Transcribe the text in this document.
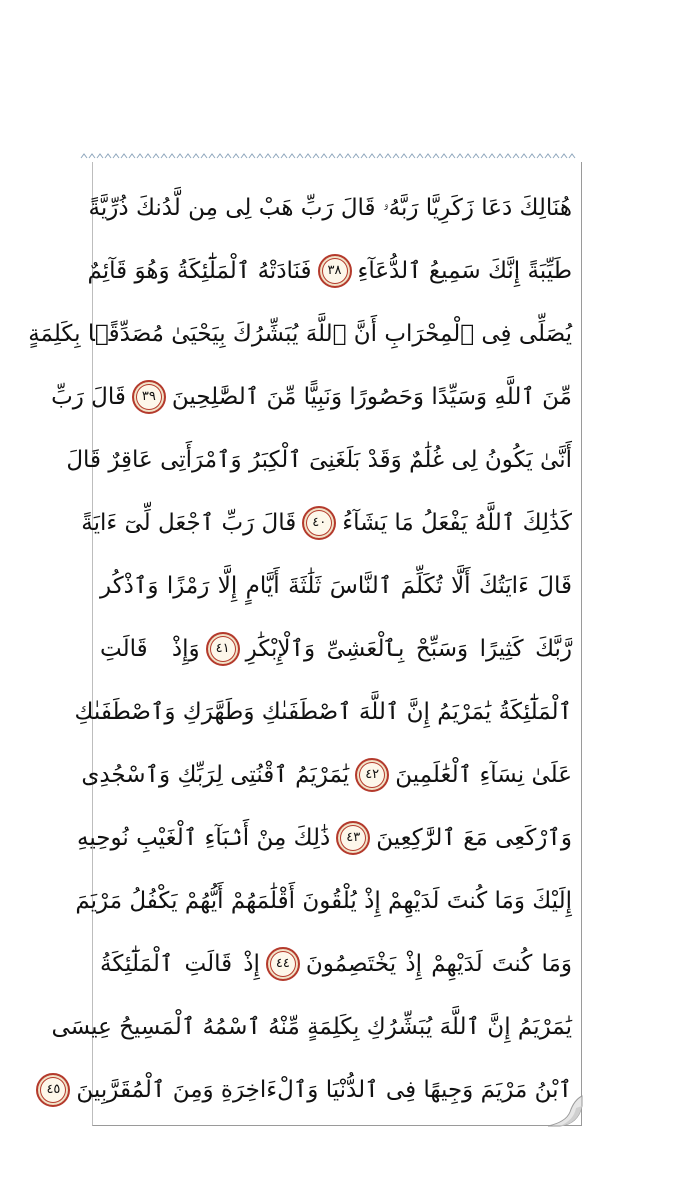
هُنَالِكَ دَعَا زَكَرِيَّا رَبَّهُۥ قَالَ رَبِّ هَبْ لِى مِن لَّدُنكَ ذُرِّيَّةً
طَيِّبَةً إِنَّكَ سَمِيعُ ٱلدُّعَآءِ
٣٨
فَنَادَتْهُ ٱلْمَلَٰٓئِكَةُ وَهُوَ قَآئِمٌ
يُصَلِّى فِى ٱلْمِحْرَابِ أَنَّ ٱللَّهَ يُبَشِّرُكَ بِيَحْيَىٰ مُصَدِّقًۢا بِكَلِمَةٍ
مِّنَ ٱللَّهِ وَسَيِّدًا وَحَصُورًا وَنَبِيًّا مِّنَ ٱلصَّٰلِحِينَ
٣٩
قَالَ رَبِّ
أَنَّىٰ يَكُونُ لِى غُلَٰمٌ وَقَدْ بَلَغَنِىَ ٱلْكِبَرُ وَٱمْرَأَتِى عَاقِرٌ قَالَ
كَذَٰلِكَ ٱللَّهُ يَفْعَلُ مَا يَشَآءُ
٤٠
قَالَ رَبِّ ٱجْعَل لِّىٓ ءَايَةً
قَالَ ءَايَتُكَ أَلَّا تُكَلِّمَ ٱلنَّاسَ ثَلَٰثَةَ أَيَّامٍ إِلَّا رَمْزًا وَٱذْكُر
رَّبَّكَ كَثِيرًا وَسَبِّحْ بِٱلْعَشِىِّ وَٱلْإِبْكَٰرِ
٤١
وَإِذْ قَالَتِ
ٱلْمَلَٰٓئِكَةُ يَٰمَرْيَمُ إِنَّ ٱللَّهَ ٱصْطَفَىٰكِ وَطَهَّرَكِ وَٱصْطَفَىٰكِ
عَلَىٰ نِسَآءِ ٱلْعَٰلَمِينَ
٤٢
يَٰمَرْيَمُ ٱقْنُتِى لِرَبِّكِ وَٱسْجُدِى
وَٱرْكَعِى مَعَ ٱلرَّٰكِعِينَ
٤٣
ذَٰلِكَ مِنْ أَنۢبَآءِ ٱلْغَيْبِ نُوحِيهِ
إِلَيْكَ وَمَا كُنتَ لَدَيْهِمْ إِذْ يُلْقُونَ أَقْلَٰمَهُمْ أَيُّهُمْ يَكْفُلُ مَرْيَمَ
وَمَا كُنتَ لَدَيْهِمْ إِذْ يَخْتَصِمُونَ
٤٤
إِذْ قَالَتِ ٱلْمَلَٰٓئِكَةُ
يَٰمَرْيَمُ إِنَّ ٱللَّهَ يُبَشِّرُكِ بِكَلِمَةٍ مِّنْهُ ٱسْمُهُ ٱلْمَسِيحُ عِيسَى
ٱبْنُ مَرْيَمَ وَجِيهًا فِى ٱلدُّنْيَا وَٱلْءَاخِرَةِ وَمِنَ ٱلْمُقَرَّبِينَ
٤٥
